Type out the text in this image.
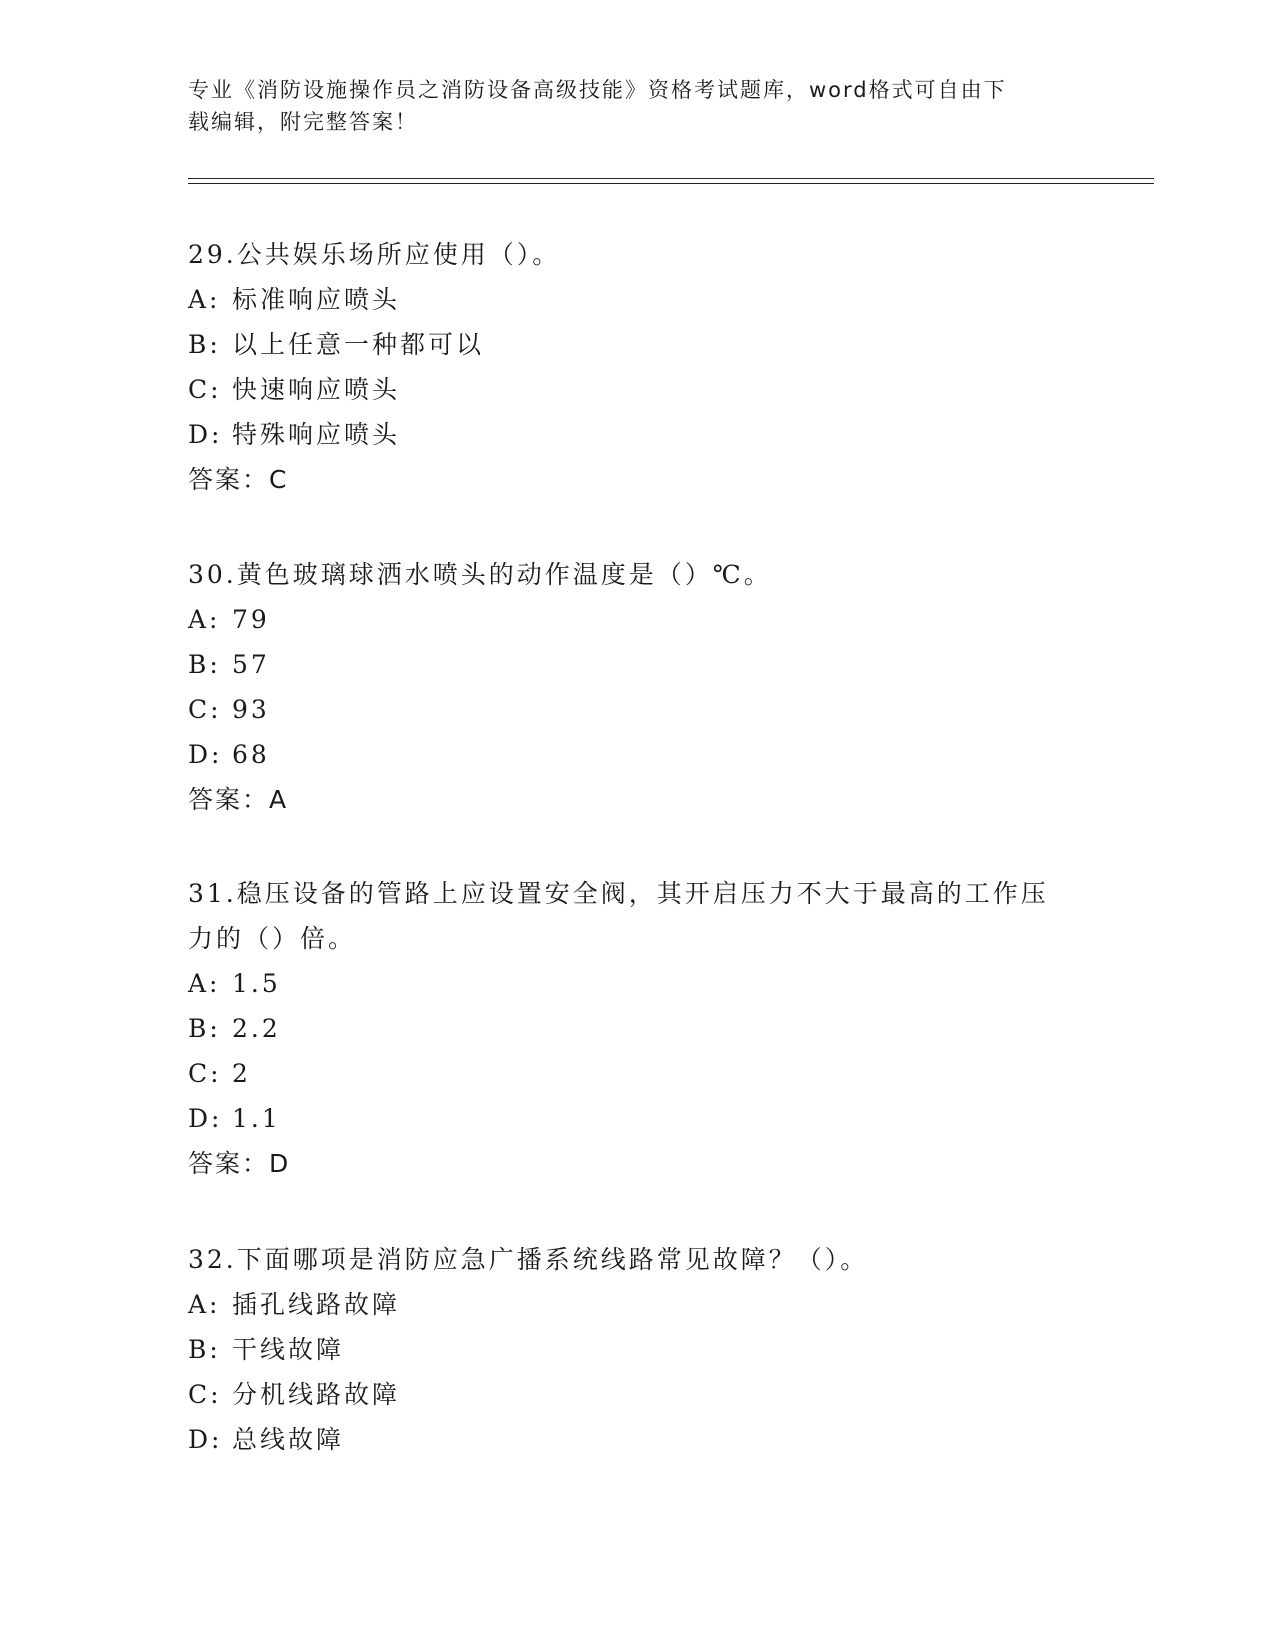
专业《消防设施操作员之消防设备高级技能》资格考试题库，word格式可自由下
载编辑，附完整答案！

29.公共娱乐场所应使用（）。

A: 标准响应喷头

B: 以上任意一种都可以

C: 快速响应喷头

D: 特殊响应喷头

答案：C

30.黄色玻璃球洒水喷头的动作温度是（）℃。

A: 79

B: 57

C: 93

D: 68

答案：A

31.稳压设备的管路上应设置安全阀，其开启压力不大于最高的工作压

力的（）倍。

A: 1.5

B: 2.2

C: 2

D: 1.1

答案：D

32.下面哪项是消防应急广播系统线路常见故障？（）。

A: 插孔线路故障

B: 干线故障

C: 分机线路故障

D: 总线故障
